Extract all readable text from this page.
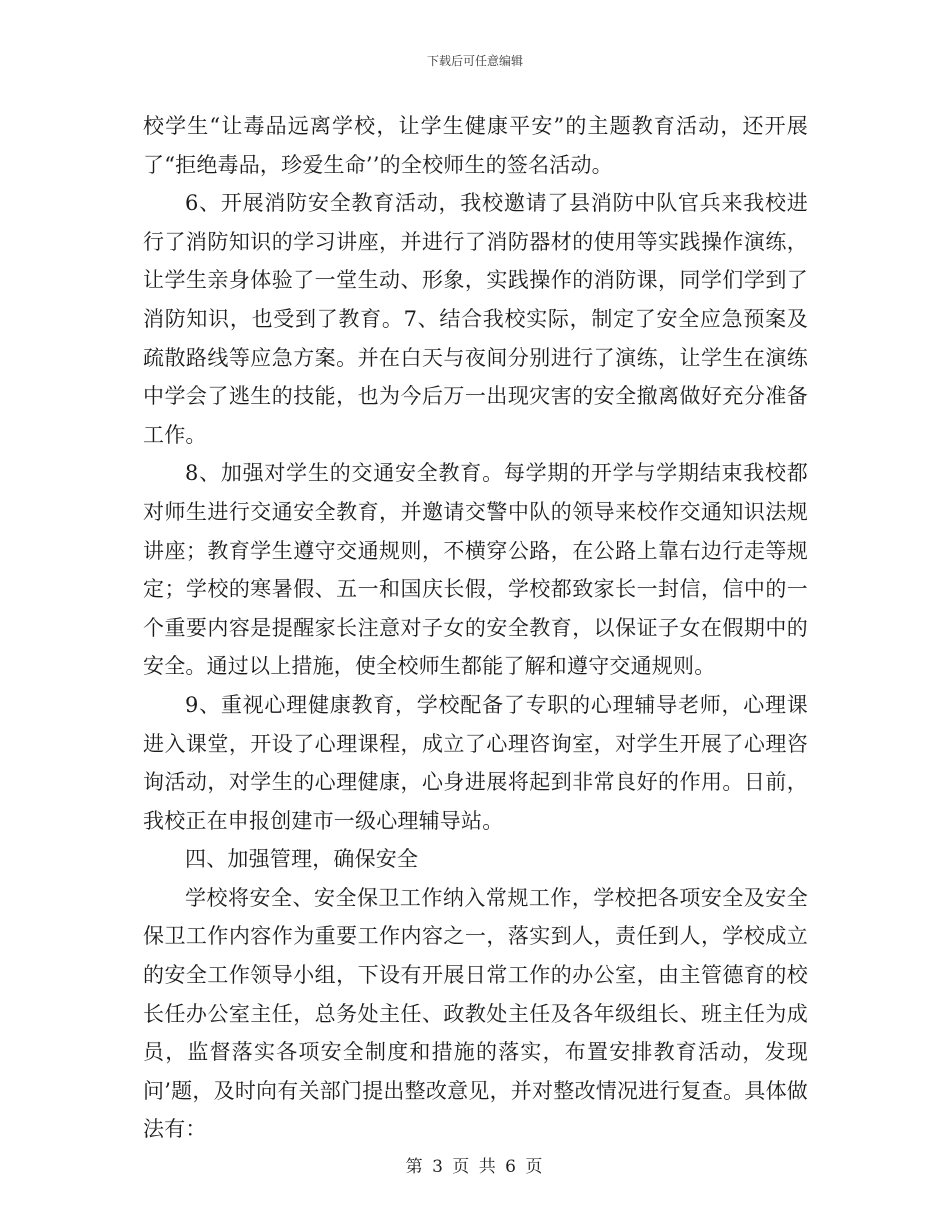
下载后可任意编辑

校学生“让毒品远离学校，让学生健康平安”的主题教育活动，还开展了“拒绝毒品，珍爱生命’’的全校师生的签名活动。

6、开展消防安全教育活动，我校邀请了县消防中队官兵来我校进行了消防知识的学习讲座，并进行了消防器材的使用等实践操作演练，让学生亲身体验了一堂生动、形象，实践操作的消防课，同学们学到了消防知识，也受到了教育。7、结合我校实际，制定了安全应急预案及疏散路线等应急方案。并在白天与夜间分别进行了演练，让学生在演练中学会了逃生的技能，也为今后万一出现灾害的安全撤离做好充分准备工作。

8、加强对学生的交通安全教育。每学期的开学与学期结束我校都对师生进行交通安全教育，并邀请交警中队的领导来校作交通知识法规讲座；教育学生遵守交通规则，不横穿公路，在公路上靠右边行走等规定；学校的寒暑假、五一和国庆长假，学校都致家长一封信，信中的一个重要内容是提醒家长注意对子女的安全教育，以保证子女在假期中的安全。通过以上措施，使全校师生都能了解和遵守交通规则。

9、重视心理健康教育，学校配备了专职的心理辅导老师，心理课进入课堂，开设了心理课程，成立了心理咨询室，对学生开展了心理咨询活动，对学生的心理健康，心身进展将起到非常良好的作用。日前，我校正在申报创建市一级心理辅导站。

四、加强管理，确保安全

学校将安全、安全保卫工作纳入常规工作，学校把各项安全及安全保卫工作内容作为重要工作内容之一，落实到人，责任到人，学校成立的安全工作领导小组，下设有开展日常工作的办公室，由主管德育的校长任办公室主任，总务处主任、政教处主任及各年级组长、班主任为成员，监督落实各项安全制度和措施的落实，布置安排教育活动，发现问’题，及时向有关部门提出整改意见，并对整改情况进行复查。具体做法有：

第 3 页 共 6 页
